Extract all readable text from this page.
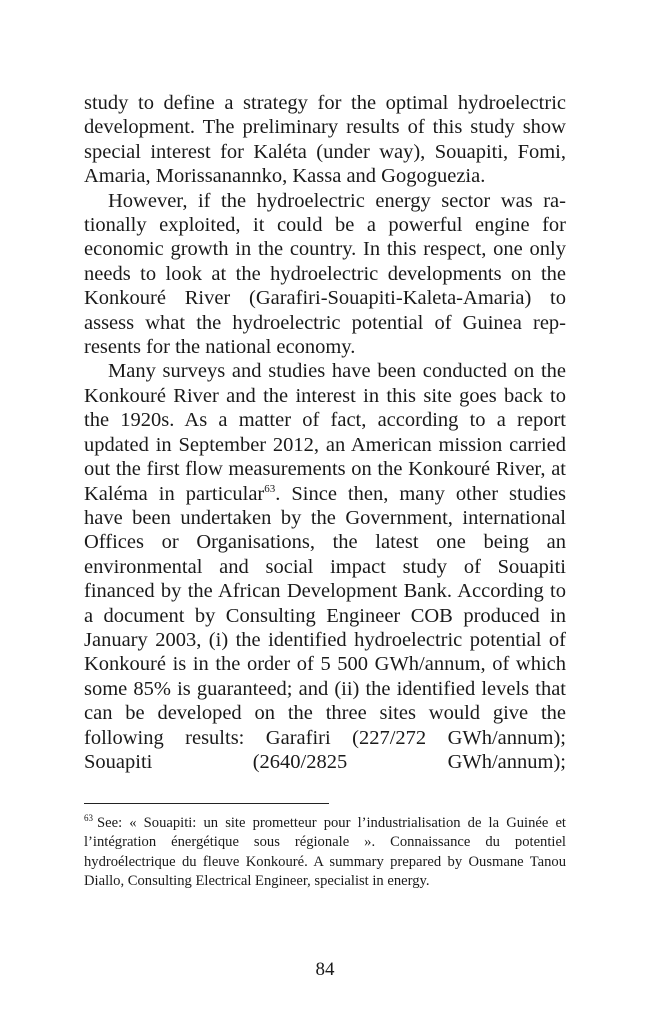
study to define a strategy for the optimal hydroelectric development. The preliminary results of this study show special interest for Kaléta (under way), Souapiti, Fomi, Amaria, Morissanannko, Kassa and Gogoguezia.

However, if the hydroelectric energy sector was rationally exploited, it could be a powerful engine for economic growth in the country. In this respect, one only needs to look at the hydroelectric developments on the Konkouré River (Garafiri-Souapiti-Kaleta-Amaria) to assess what the hydroelectric potential of Guinea represents for the national economy.

Many surveys and studies have been conducted on the Konkouré River and the interest in this site goes back to the 1920s. As a matter of fact, according to a report updated in September 2012, an American mission carried out the first flow measurements on the Konkouré River, at Kaléma in particular$^{63}$. Since then, many other studies have been undertaken by the Government, international Offices or Organisations, the latest one being an environmental and social impact study of Souapiti financed by the African Development Bank. According to a document by Consulting Engineer COB produced in January 2003, (i) the identified hydroelectric potential of Konkouré is in the order of 5 500 GWh/annum, of which some 85% is guaranteed; and (ii) the identified levels that can be developed on the three sites would give the following results: Garafiri (227/272 GWh/annum); Souapiti (2640/2825 GWh/annum);

$^{63}$ See: « Souapiti: un site prometteur pour l’industrialisation de la Guinée et l’intégration énergétique sous régionale ». Connaissance du potentiel hydroélectrique du fleuve Konkouré. A summary prepared by Ousmane Tanou Diallo, Consulting Electrical Engineer, specialist in energy.
84
